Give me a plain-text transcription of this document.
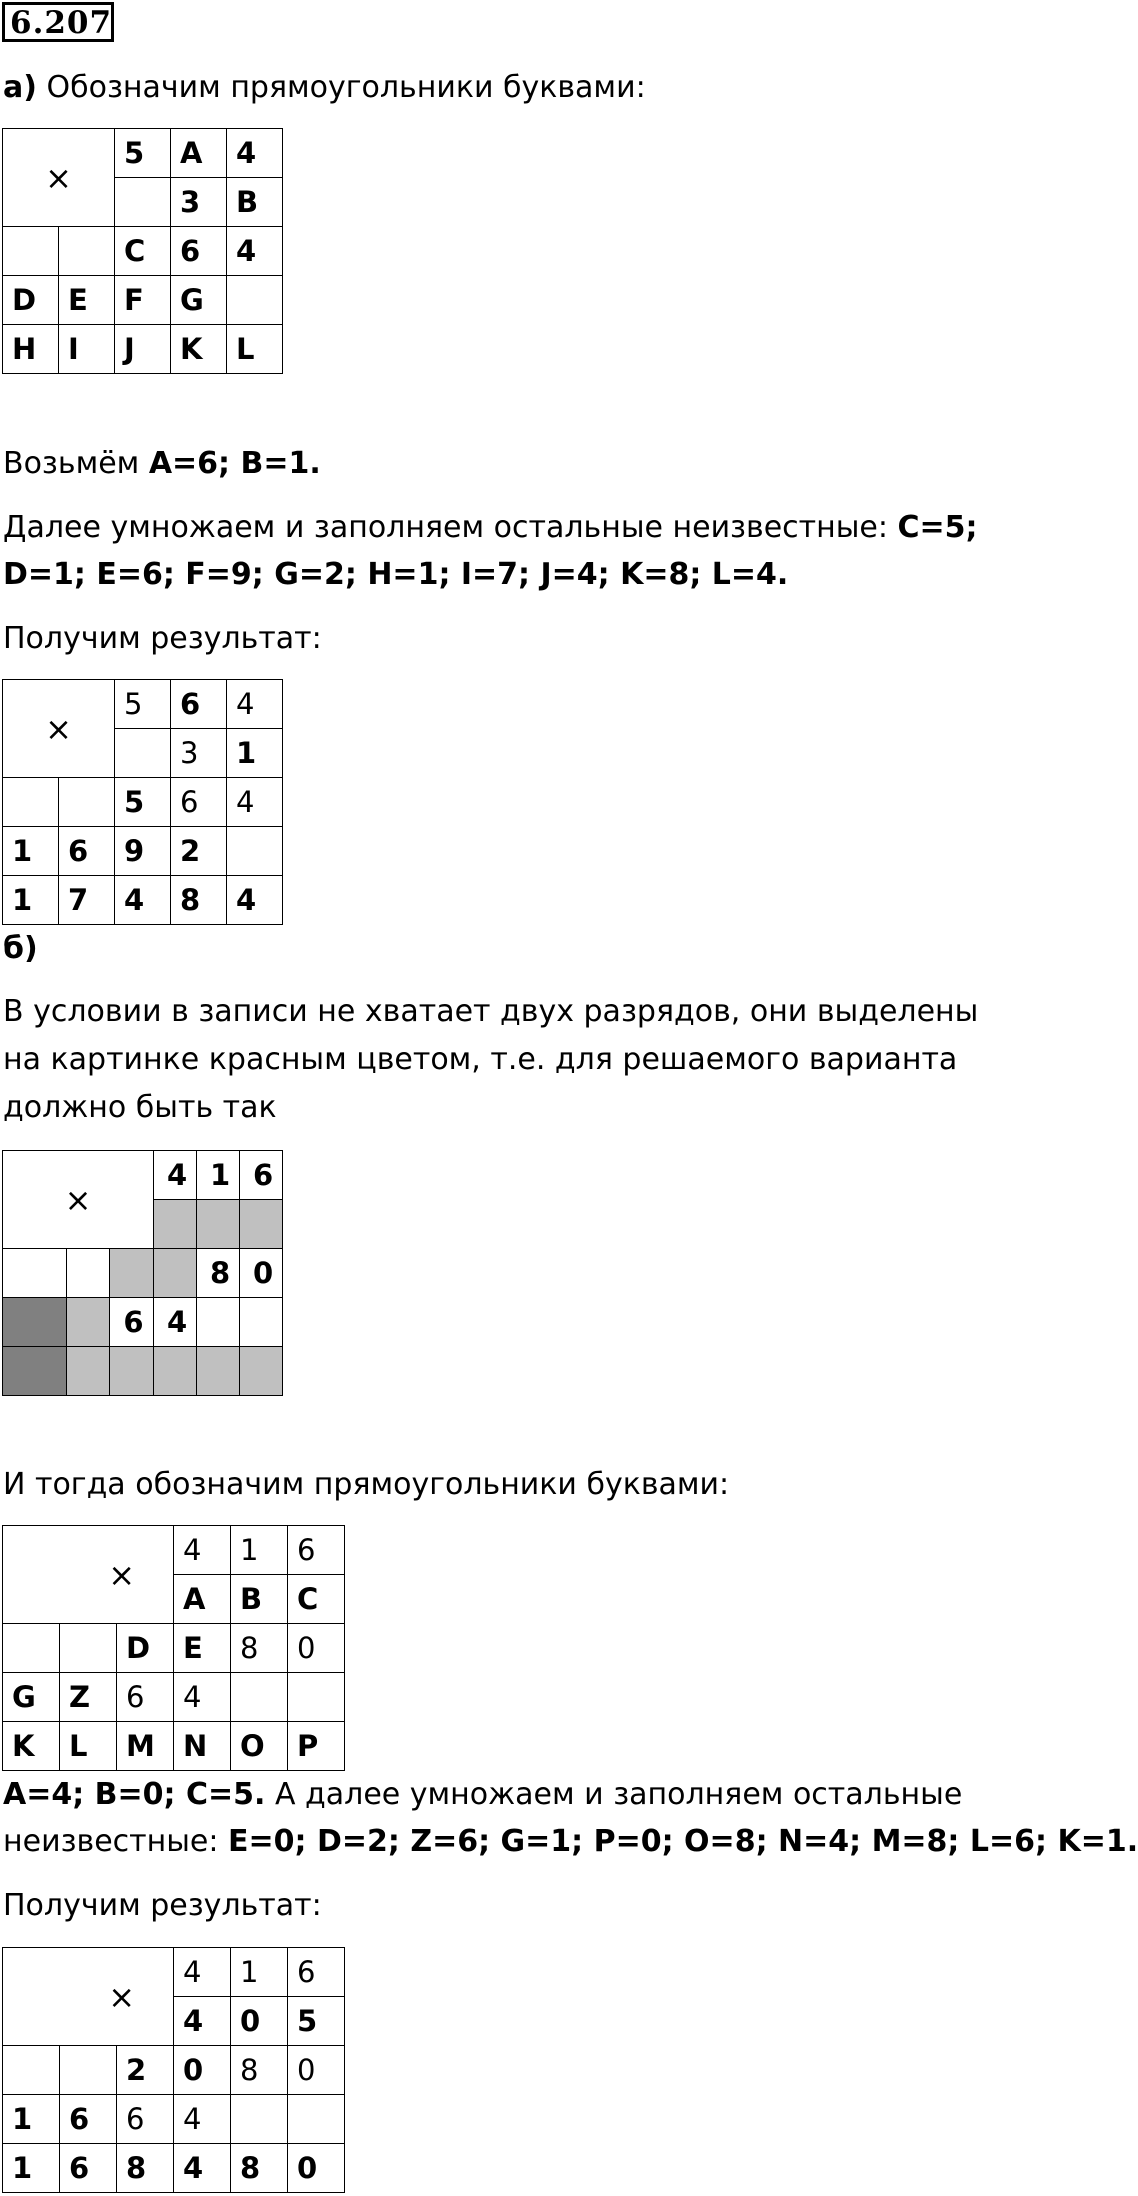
6.207
а) Обозначим прямоугольники буквами:
×		5	A	4
			3	B
		C	6	4
D	E	F	G	
H	I	J	K	L
Возьмём A=6; B=1.
Далее умножаем и заполняем остальные неизвестные: C=5;
D=1; E=6; F=9; G=2; H=1; I=7; J=4; K=8; L=4.
Получим результат:
×		5	6	4
			3	1
		5	6	4
1	6	9	2	
1	7	4	8	4
б)
В условии в записи не хватает двух разрядов, они выделены
на картинке красным цветом, т.е. для решаемого варианта
должно быть так
×			4	1	6

				8	0
		6	4		

И тогда обозначим прямоугольники буквами:
×			4	1	6
			A	B	C
		D	E	8	0
G	Z	6	4		
K	L	M	N	O	P
A=4; B=0; C=5. А далее умножаем и заполняем остальные
неизвестные: E=0; D=2; Z=6; G=1; P=0; O=8; N=4; M=8; L=6; K=1.
Получим результат:
×			4	1	6
			4	0	5
		2	0	8	0
1	6	6	4		
1	6	8	4	8	0
